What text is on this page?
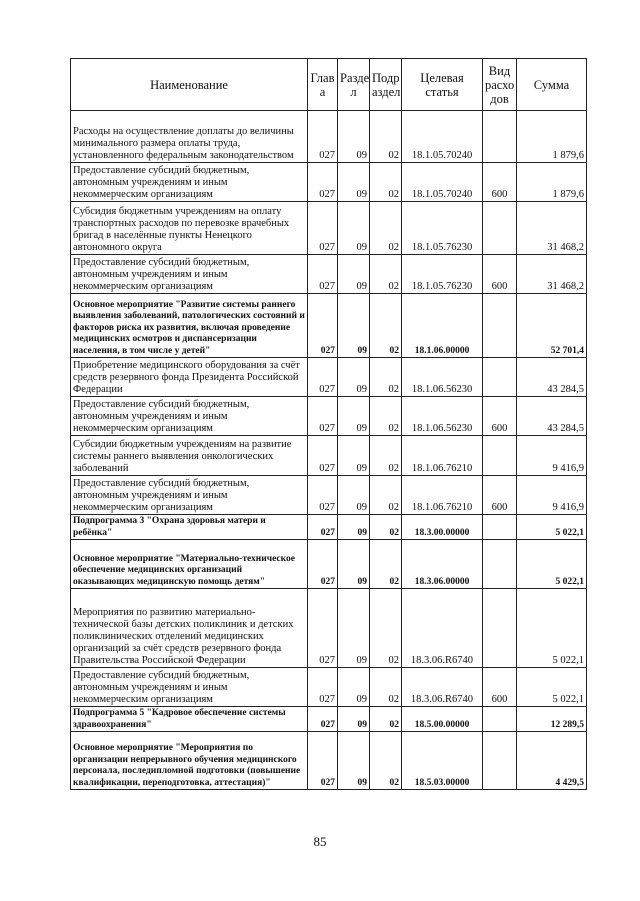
Наименование	Глав а	Разде л	Подр аздел	Целевая статья	Вид расхо дов	Сумма
Расходы на осуществление доплаты до величины минимального размера оплаты труда, установленного федеральным законодательством	027	09	02	18.1.05.70240		1 879,6
Предоставление субсидий бюджетным, автономным учреждениям и иным некоммерческим организациям	027	09	02	18.1.05.70240	600	1 879,6
Субсидия бюджетным учреждениям на оплату транспортных расходов по перевозке врачебных бригад в населённые пункты Ненецкого автономного округа	027	09	02	18.1.05.76230		31 468,2
Предоставление субсидий бюджетным, автономным учреждениям и иным некоммерческим организациям	027	09	02	18.1.05.76230	600	31 468,2
Основное мероприятие "Развитие системы раннего выявления заболеваний, патологических состояний и факторов риска их развития, включая проведение медицинских осмотров и диспансеризации населения, в том числе у детей"	027	09	02	18.1.06.00000		52 701,4
Приобретение медицинского оборудования за счёт средств резервного фонда Президента Российской Федерации	027	09	02	18.1.06.56230		43 284,5
Предоставление субсидий бюджетным, автономным учреждениям и иным некоммерческим организациям	027	09	02	18.1.06.56230	600	43 284,5
Субсидии бюджетным учреждениям на развитие системы раннего выявления онкологических заболеваний	027	09	02	18.1.06.76210		9 416,9
Предоставление субсидий бюджетным, автономным учреждениям и иным некоммерческим организациям	027	09	02	18.1.06.76210	600	9 416,9
Подпрограмма 3 "Охрана здоровья матери и ребёнка"	027	09	02	18.3.00.00000		5 022,1
Основное мероприятие "Материально-техническое обеспечение медицинских организаций оказывающих медицинскую помощь детям"	027	09	02	18.3.06.00000		5 022,1
Мероприятия по развитию материально-технической базы детских поликлиник и детских поликлинических отделений медицинских организаций за счёт средств резервного фонда Правительства Российской Федерации	027	09	02	18.3.06.R6740		5 022,1
Предоставление субсидий бюджетным, автономным учреждениям и иным некоммерческим организациям	027	09	02	18.3.06.R6740	600	5 022,1
Подпрограмма 5 "Кадровое обеспечение системы здравоохранения"	027	09	02	18.5.00.00000		12 289,5
Основное мероприятие "Мероприятия по организации непрерывного обучения медицинского персонала, последипломной подготовки (повышение квалификации, переподготовка, аттестация)"	027	09	02	18.5.03.00000		4 429,5
85
